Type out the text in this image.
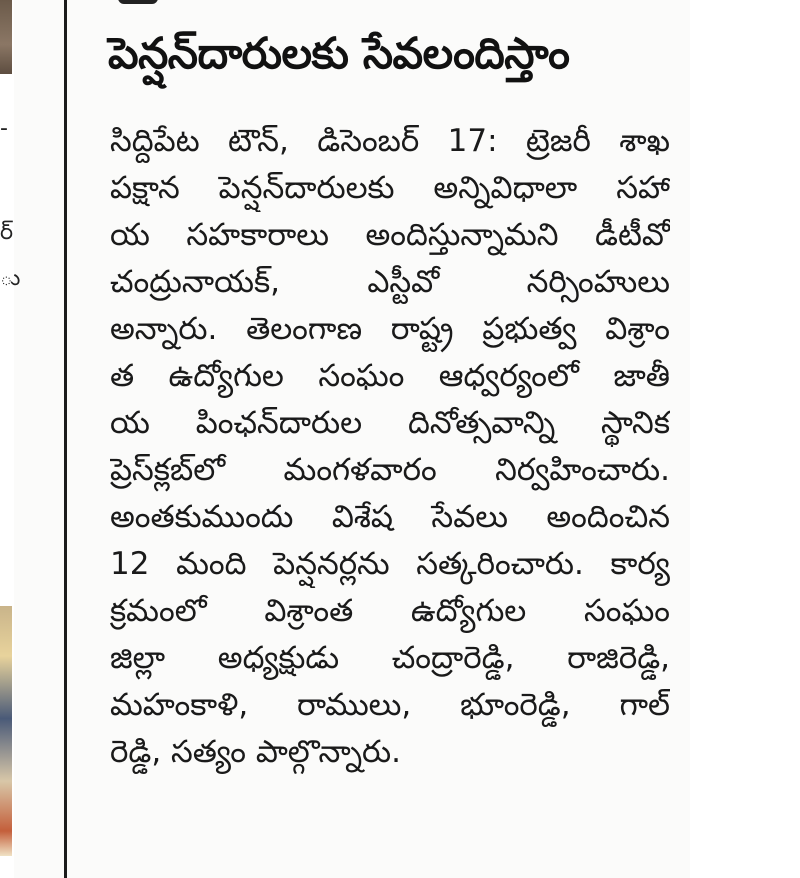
-
ర్
ు
పెన్షన్‌దారులకు సేవలందిస్తాం
సిద్దిపేట టౌన్‌, డిసెంబర్‌ 17: ట్రెజరీ శాఖ
పక్షాన పెన్షన్‌దారులకు అన్నివిధాలా సహా
య సహకారాలు అందిస్తున్నామని డీటీవో
చంద్రునాయక్‌, ఎస్టీవో నర్సింహులు
అన్నారు. తెలంగాణ రాష్ట్ర ప్రభుత్వ విశ్రాం
త ఉద్యోగుల సంఘం ఆధ్వర్యంలో జాతీ
య పింఛన్‌దారుల దినోత్సవాన్ని స్థానిక
ప్రెస్‌క్లబ్‌లో మంగళవారం నిర్వహించారు.
అంతకుముందు విశేష సేవలు అందించిన
12 మంది పెన్షనర్లను సత్కరించారు. కార్య
క్రమంలో విశ్రాంత ఉద్యోగుల సంఘం
జిల్లా అధ్యక్షుడు చంద్రారెడ్డి, రాజిరెడ్డి,
మహంకాళి, రాములు, భూంరెడ్డి, గాల్‌
రెడ్డి, సత్యం పాల్గొన్నారు.
